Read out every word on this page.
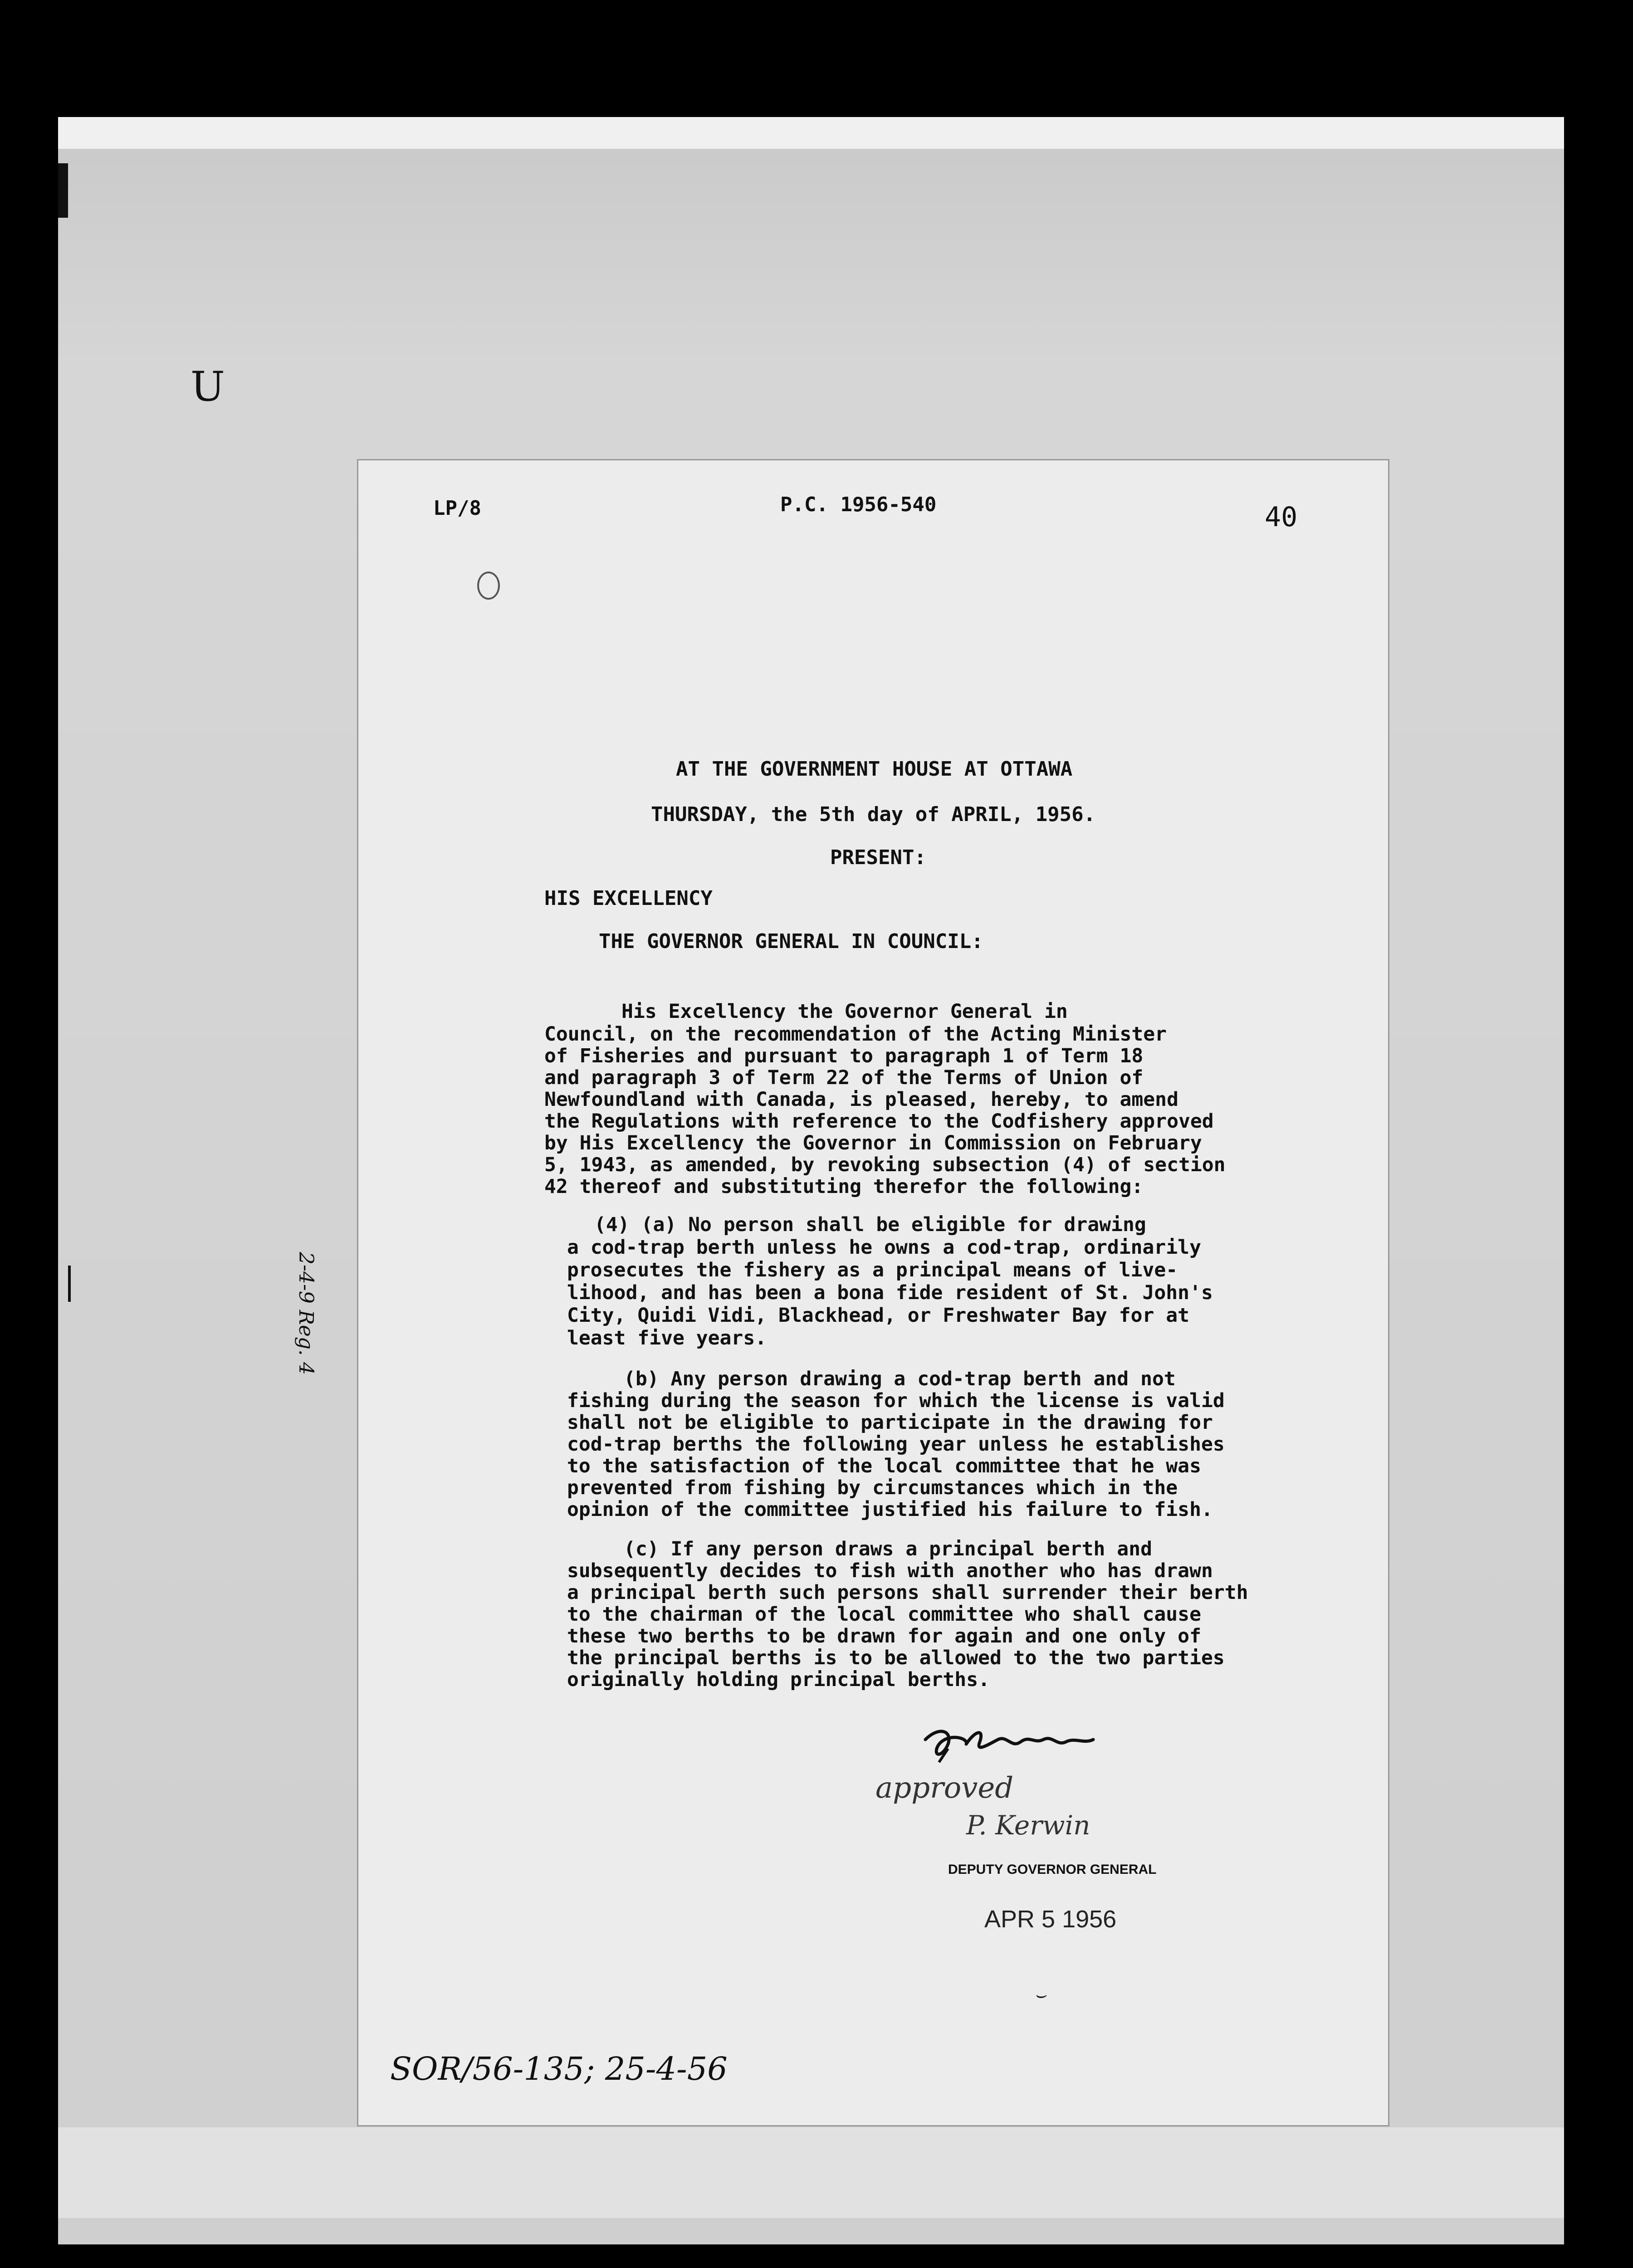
U
LP/8	P.C. 1956-540	40
AT THE GOVERNMENT HOUSE AT OTTAWA
THURSDAY, the 5th day of APRIL, 1956.
PRESENT:
HIS EXCELLENCY
THE GOVERNOR GENERAL IN COUNCIL:
His Excellency the Governor General in
Council, on the recommendation of the Acting Minister
of Fisheries and pursuant to paragraph 1 of Term 18
and paragraph 3 of Term 22 of the Terms of Union of
Newfoundland with Canada, is pleased, hereby, to amend
the Regulations with reference to the Codfishery approved
by His Excellency the Governor in Commission on February
5, 1943, as amended, by revoking subsection (4) of section
42 thereof and substituting therefor the following:
(4) (a) No person shall be eligible for drawing
a cod-trap berth unless he owns a cod-trap, ordinarily
prosecutes the fishery as a principal means of live-
lihood, and has been a bona fide resident of St. John's
City, Quidi Vidi, Blackhead, or Freshwater Bay for at
least five years.
(b) Any person drawing a cod-trap berth and not
fishing during the season for which the license is valid
shall not be eligible to participate in the drawing for
cod-trap berths the following year unless he establishes
to the satisfaction of the local committee that he was
prevented from fishing by circumstances which in the
opinion of the committee justified his failure to fish.
(c) If any person draws a principal berth and
subsequently decides to fish with another who has drawn
a principal berth such persons shall surrender their berth
to the chairman of the local committee who shall cause
these two berths to be drawn for again and one only of
the principal berths is to be allowed to the two parties
originally holding principal berths.
approved
P. Kerwin
DEPUTY GOVERNOR GENERAL
APR 5 1956
⌣
2-4-9 Reg. 4
SOR/56-135; 25-4-56
